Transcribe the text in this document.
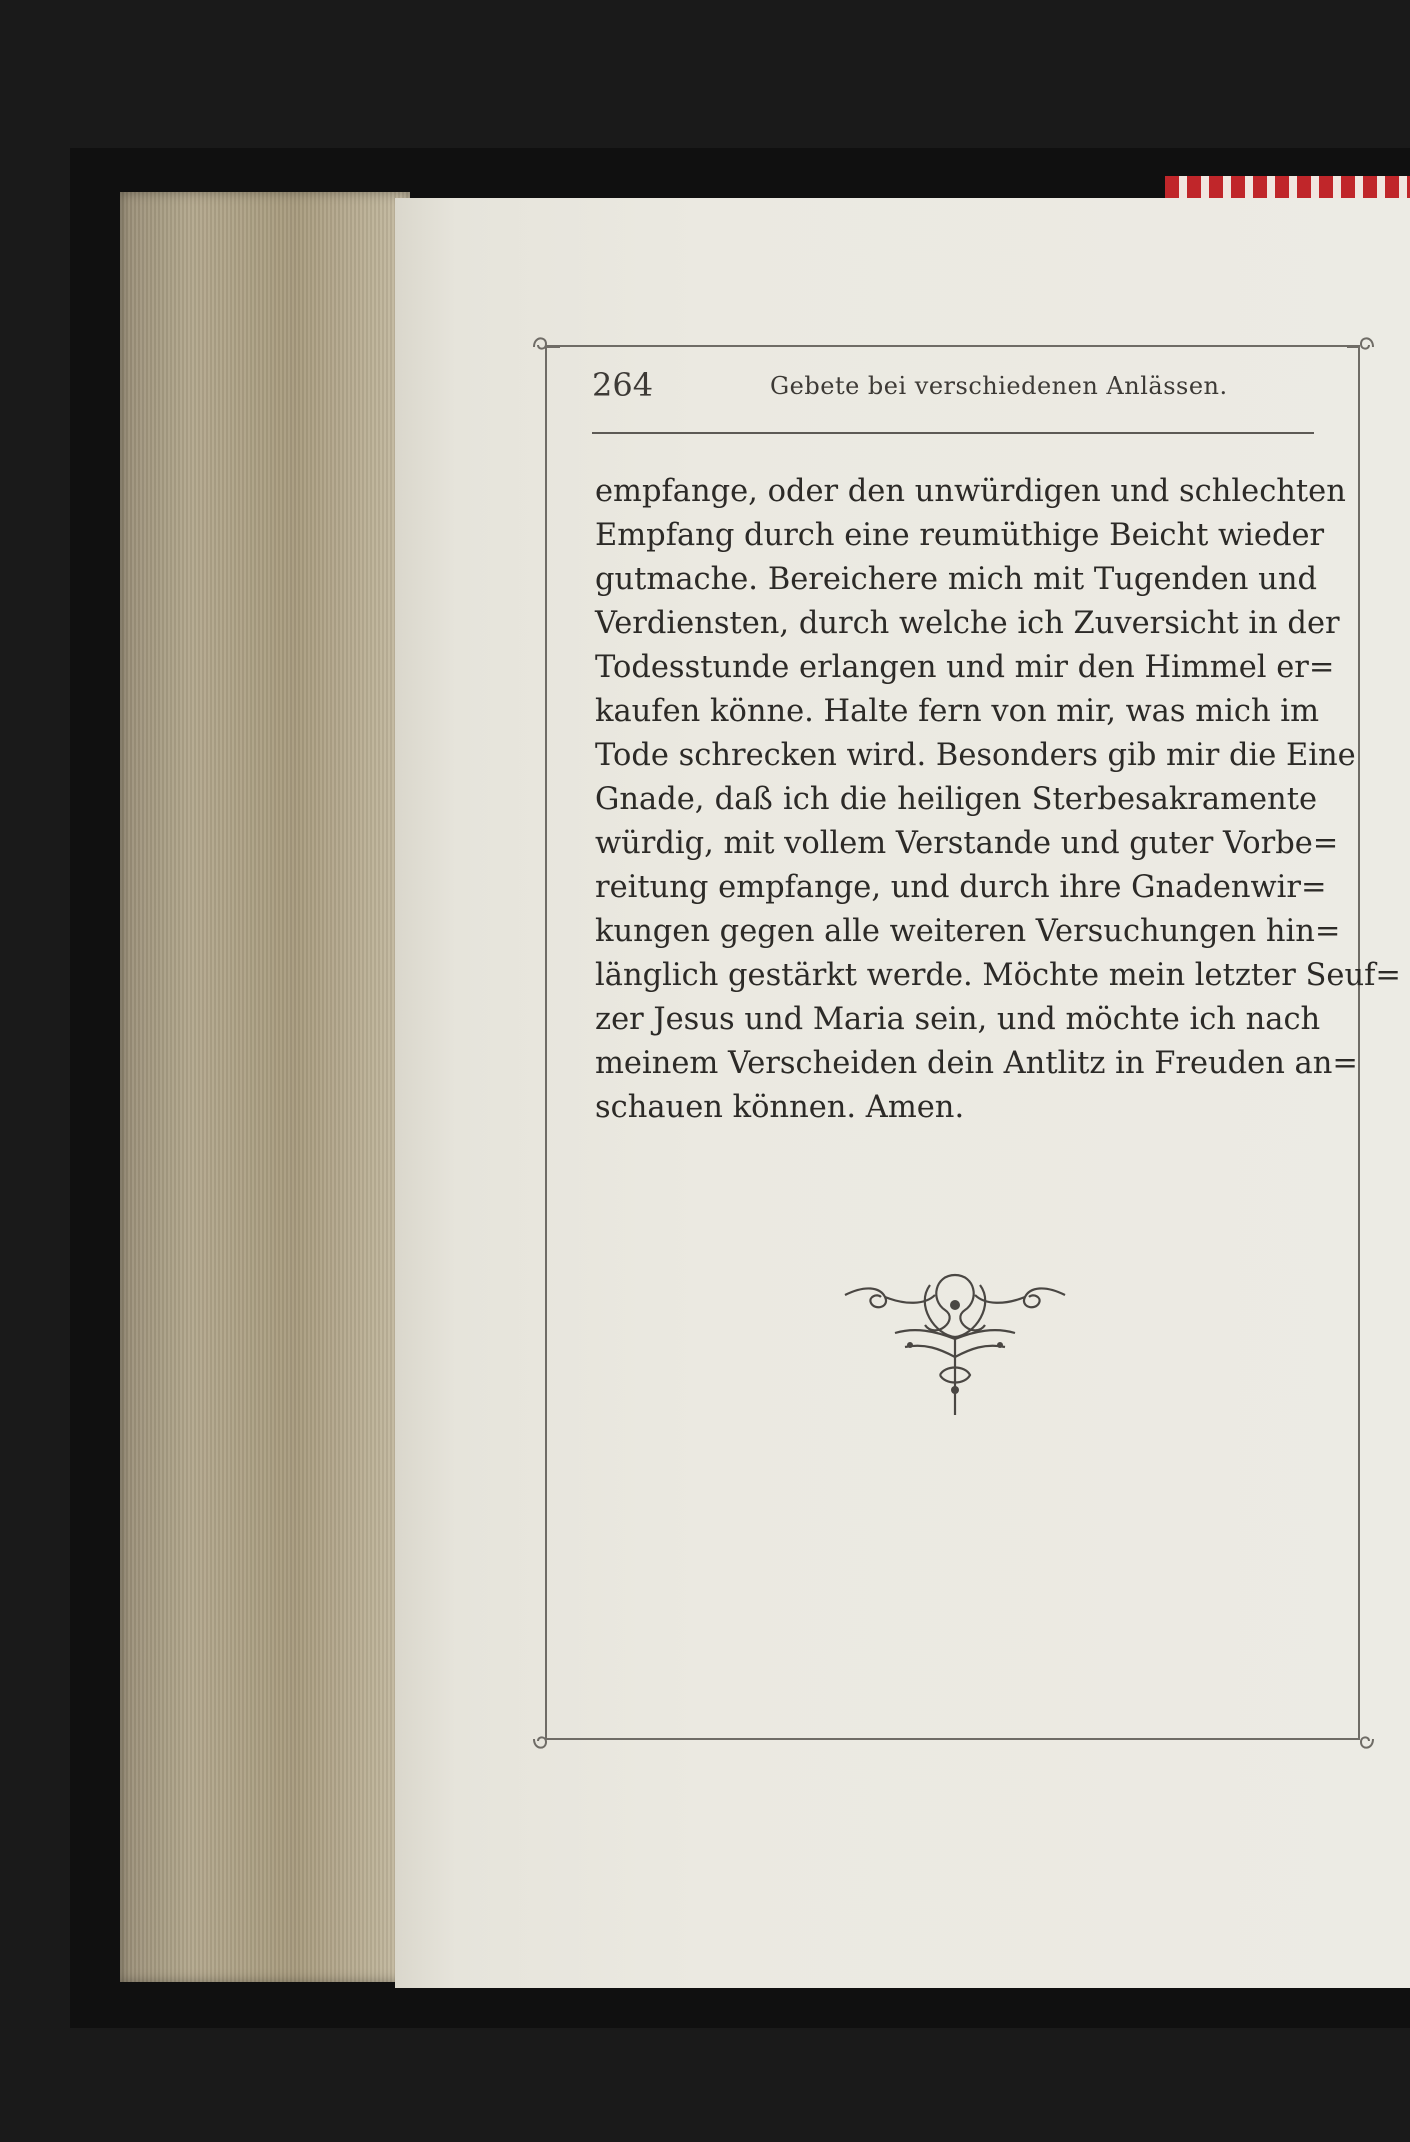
264	Gebete bei verschiedenen Anlässen.
empfange, oder den unwürdigen und schlechten
Empfang durch eine reumüthige Beicht wieder
gutmache. Bereichere mich mit Tugenden und
Verdiensten, durch welche ich Zuversicht in der
Todesstunde erlangen und mir den Himmel er=
kaufen könne. Halte fern von mir, was mich im
Tode schrecken wird. Besonders gib mir die Eine
Gnade, daß ich die heiligen Sterbesakramente
würdig, mit vollem Verstande und guter Vorbe=
reitung empfange, und durch ihre Gnadenwir=
kungen gegen alle weiteren Versuchungen hin=
länglich gestärkt werde. Möchte mein letzter Seuf=
zer Jesus und Maria sein, und möchte ich nach
meinem Verscheiden dein Antlitz in Freuden an=
schauen können. Amen.
